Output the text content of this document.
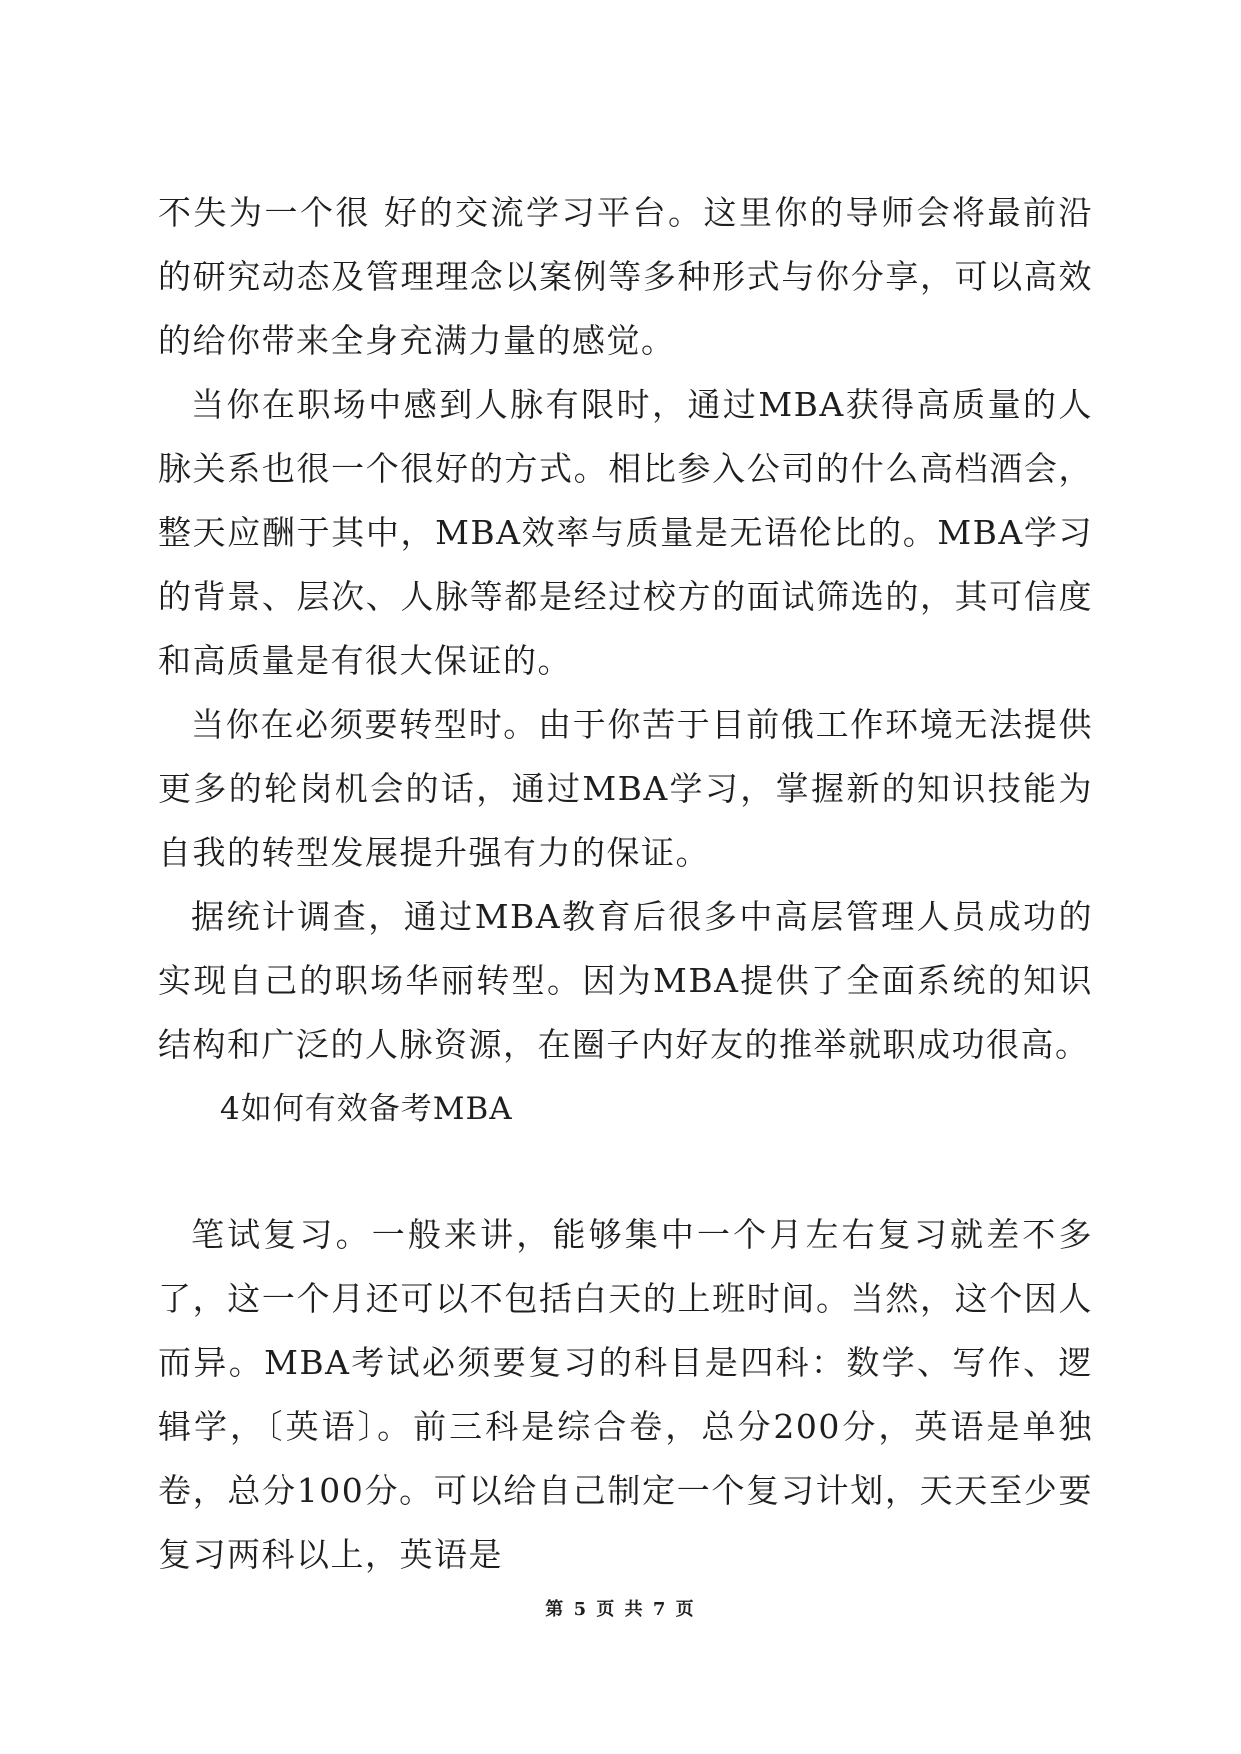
不失为一个很 好的交流学习平台。这里你的导师会将最前沿的研究动态及管理理念以案例等多种形式与你分享，可以高效的给你带来全身充满力量的感觉。

当你在职场中感到人脉有限时，通过MBA获得高质量的人脉关系也很一个很好的方式。相比参入公司的什么高档酒会，整天应酬于其中，MBA效率与质量是无语伦比的。MBA学习的背景、层次、人脉等都是经过校方的面试筛选的，其可信度和高质量是有很大保证的。

当你在必须要转型时。由于你苦于目前俄工作环境无法提供更多的轮岗机会的话，通过MBA学习，掌握新的知识技能为自我的转型发展提升强有力的保证。

据统计调查，通过MBA教育后很多中高层管理人员成功的实现自己的职场华丽转型。因为MBA提供了全面系统的知识结构和广泛的人脉资源，在圈子内好友的推举就职成功很高。

4如何有效备考MBA

笔试复习。一般来讲，能够集中一个月左右复习就差不多了，这一个月还可以不包括白天的上班时间。当然，这个因人而异。MBA考试必须要复习的科目是四科：数学、写作、逻辑学，〔英语〕。前三科是综合卷，总分200分，英语是单独卷，总分100分。可以给自己制定一个复习计划，天天至少要复习两科以上，英语是

第 5 页 共 7 页
